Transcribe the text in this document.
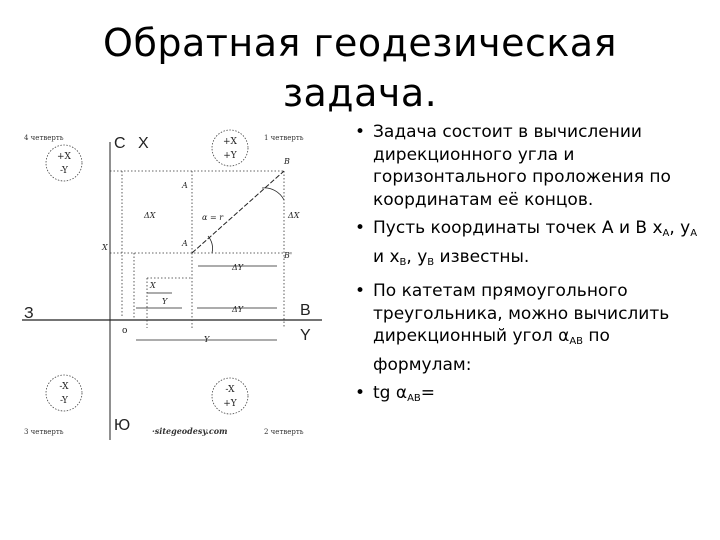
Обратная геодезическая
задача.
+X
-Y
+X
+Y
-X
-Y
-X
+Y
4 четверть	1 четверть
3 четверть	2 четверть
С X
В
Y
З
Ю
о
A
A
B
B'
ΔX	ΔX
ΔY
ΔY
α = r
X
X
Y
Y
·sitegeodesy.com
• Задача состоит в вычислении дирекционного угла и горизонтального проложения по координатам её концов.
• Пусть координаты точек А и В $x_A$, $y_A$ и $x_B$, $y_B$ известны.
• По катетам прямоугольного треугольника, можно вычислить дирекционный угол $\alpha_{AB}$ по формулам:
• tg $\alpha_{AB}=$
